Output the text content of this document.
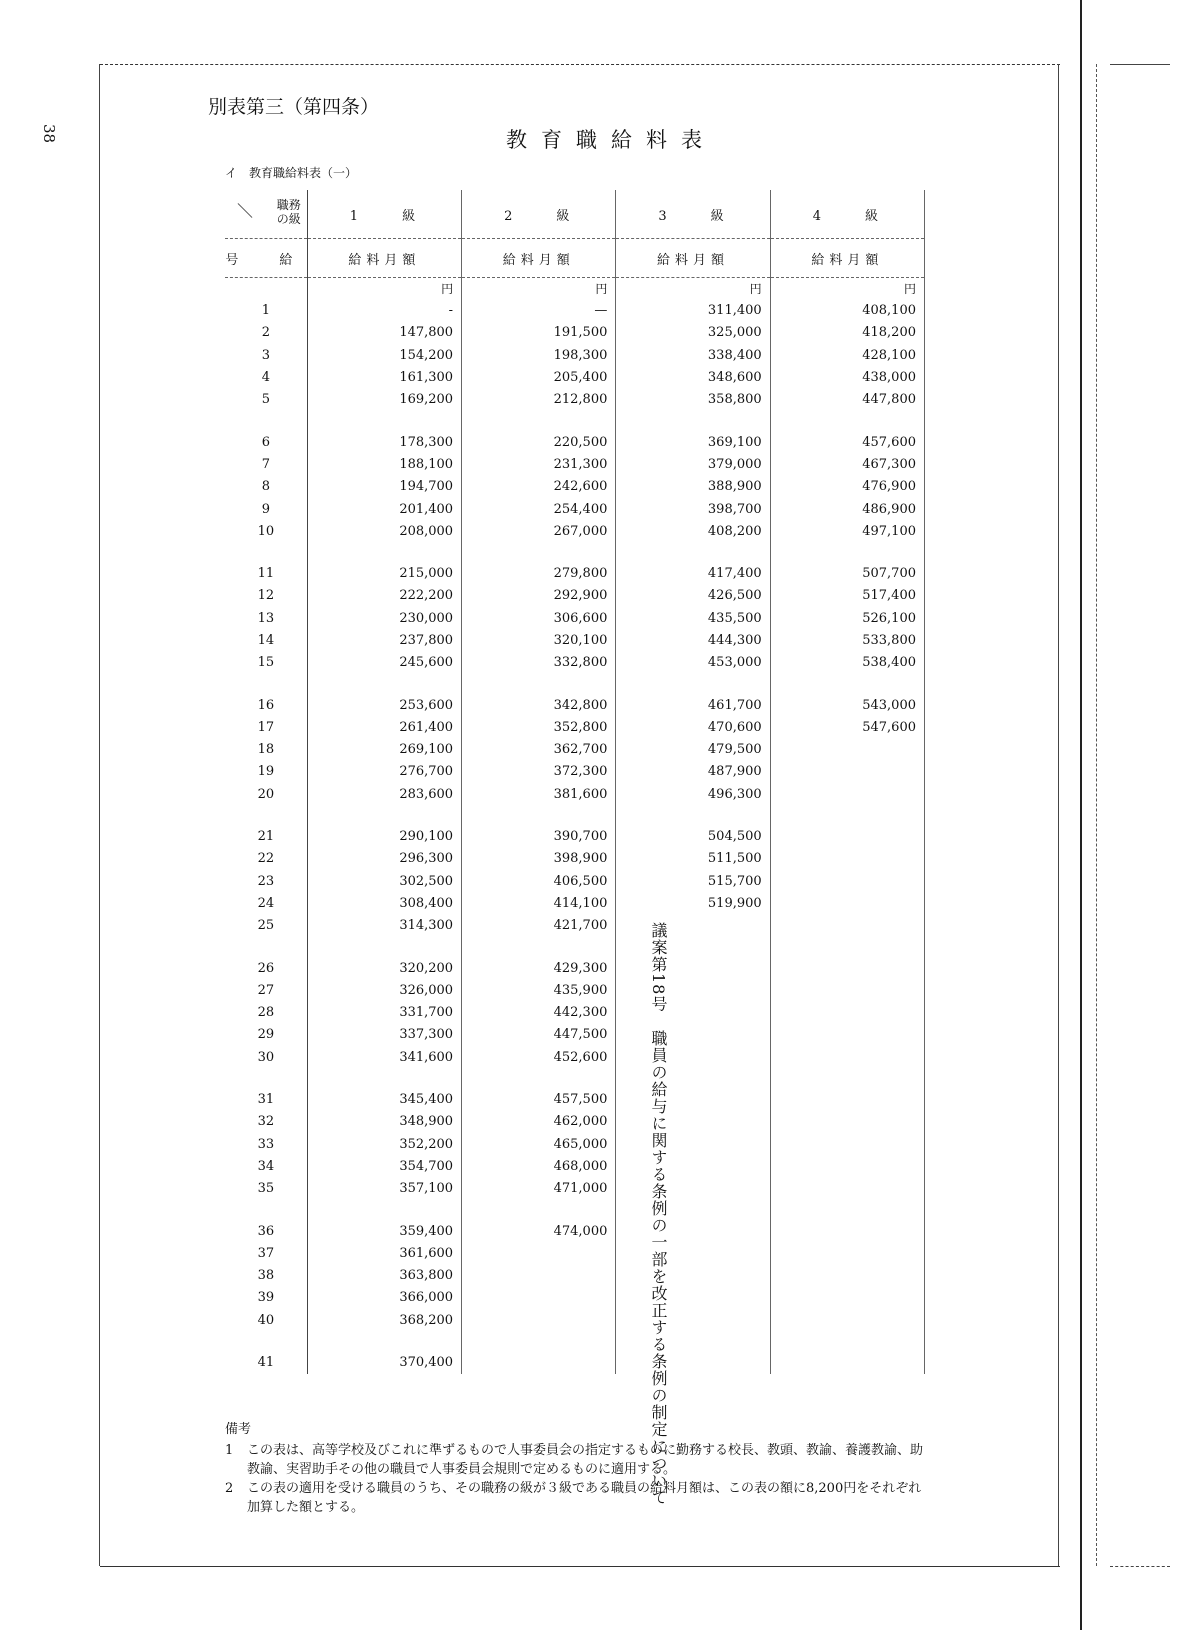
38
議案第18号 職員の給与に関する条例の一部を改正する条例の制定について
別表第三（第四条）
教育職給料表
イ　教育職給料表（一）
職務
の級	1 級	2 級	3 級	4 級
号　給	給料月額	給料月額	給料月額	給料月額
	円	円	円	円
1	-	—	311,400	408,100
2	147,800	191,500	325,000	418,200
3	154,200	198,300	338,400	428,100
4	161,300	205,400	348,600	438,000
5	169,200	212,800	358,800	447,800

6	178,300	220,500	369,100	457,600
7	188,100	231,300	379,000	467,300
8	194,700	242,600	388,900	476,900
9	201,400	254,400	398,700	486,900
10	208,000	267,000	408,200	497,100

11	215,000	279,800	417,400	507,700
12	222,200	292,900	426,500	517,400
13	230,000	306,600	435,500	526,100
14	237,800	320,100	444,300	533,800
15	245,600	332,800	453,000	538,400

16	253,600	342,800	461,700	543,000
17	261,400	352,800	470,600	547,600
18	269,100	362,700	479,500	
19	276,700	372,300	487,900	
20	283,600	381,600	496,300	

21	290,100	390,700	504,500	
22	296,300	398,900	511,500	
23	302,500	406,500	515,700	
24	308,400	414,100	519,900	
25	314,300	421,700		

26	320,200	429,300		
27	326,000	435,900		
28	331,700	442,300		
29	337,300	447,500		
30	341,600	452,600		

31	345,400	457,500		
32	348,900	462,000		
33	352,200	465,000		
34	354,700	468,000		
35	357,100	471,000		

36	359,400	474,000		
37	361,600			
38	363,800			
39	366,000			
40	368,200			

41	370,400			
備考
1 この表は、高等学校及びこれに準ずるもので人事委員会の指定するものに勤務する校長、教頭、教諭、養護教諭、助教諭、実習助手その他の職員で人事委員会規則で定めるものに適用する。
2 この表の適用を受ける職員のうち、その職務の級が３級である職員の給料月額は、この表の額に8,200円をそれぞれ加算した額とする。
